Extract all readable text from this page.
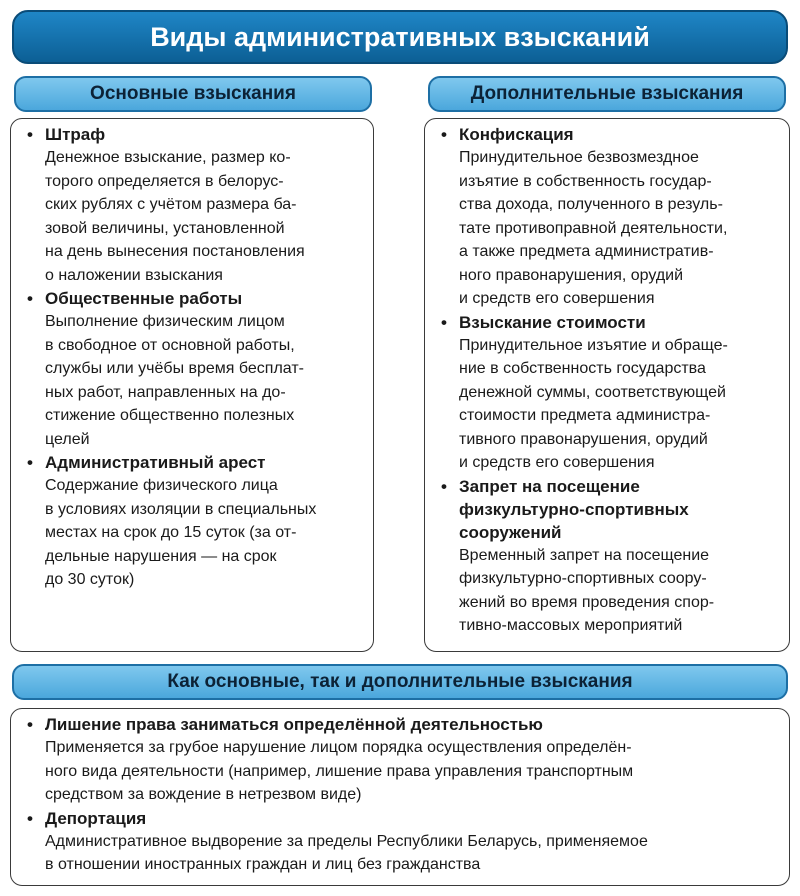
Виды административных взысканий
Основные взыскания	Дополнительные взыскания
• Штраф
Денежное взыскание, размер ко-
торого определяется в белорус-
ских рублях с учётом размера ба-
зовой величины, установленной
на день вынесения постановления
о наложении взыскания
• Общественные работы
Выполнение физическим лицом
в свободное от основной работы,
службы или учёбы время бесплат-
ных работ, направленных на до-
стижение общественно полезных
целей
• Административный арест
Содержание физического лица
в условиях изоляции в специальных
местах на срок до 15 суток (за от-
дельные нарушения — на срок
до 30 суток)
• Конфискация
Принудительное безвозмездное
изъятие в собственность государ-
ства дохода, полученного в резуль-
тате противоправной деятельности,
а также предмета административ-
ного правонарушения, орудий
и средств его совершения
• Взыскание стоимости
Принудительное изъятие и обраще-
ние в собственность государства
денежной суммы, соответствующей
стоимости предмета администра-
тивного правонарушения, орудий
и средств его совершения
• Запрет на посещение
физкультурно-спортивных
сооружений
Временный запрет на посещение
физкультурно-спортивных соору-
жений во время проведения спор-
тивно-массовых мероприятий
Как основные, так и дополнительные взыскания
• Лишение права заниматься определённой деятельностью
Применяется за грубое нарушение лицом порядка осуществления определён-
ного вида деятельности (например, лишение права управления транспортным
средством за вождение в нетрезвом виде)
• Депортация
Административное выдворение за пределы Республики Беларусь, применяемое
в отношении иностранных граждан и лиц без гражданства
